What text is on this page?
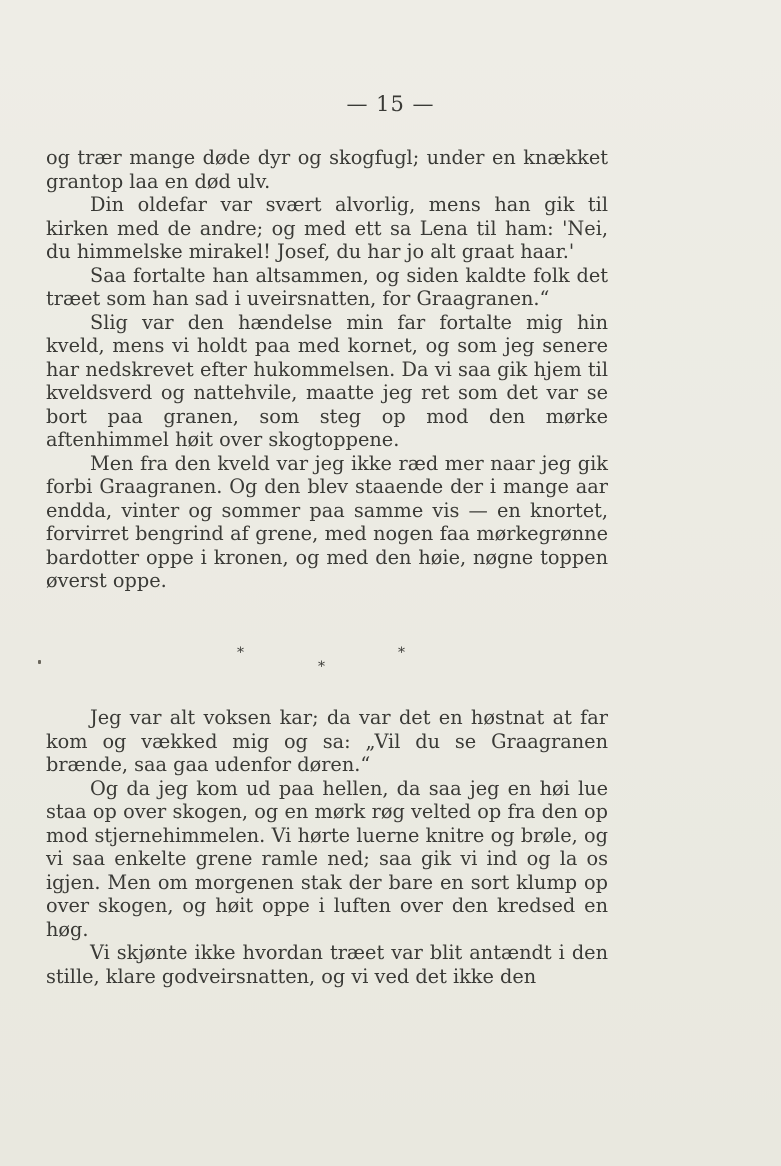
— 15 —

og trær mange døde dyr og skogfugl; under en knækket grantop laa en død ulv.

Din oldefar var svært alvorlig, mens han gik til kirken med de andre; og med ett sa Lena til ham: 'Nei, du himmelske mirakel! Josef, du har jo alt graat haar.'

Saa fortalte han altsammen, og siden kaldte folk det træet som han sad i uveirsnatten, for Graagranen.“

Slig var den hændelse min far fortalte mig hin kveld, mens vi holdt paa med kornet, og som jeg senere har nedskrevet efter hukommelsen. Da vi saa gik hjem til kveldsverd og nattehvile, maatte jeg ret som det var se bort paa granen, som steg op mod den mørke aftenhimmel høit over skogtoppene.

Men fra den kveld var jeg ikke ræd mer naar jeg gik forbi Graagranen. Og den blev staaende der i mange aar endda, vinter og sommer paa samme vis — en knortet, forvirret bengrind af grene, med nogen faa mørkegrønne bardotter oppe i kronen, og med den høie, nøgne toppen øverst oppe.

*	*
*

Jeg var alt voksen kar; da var det en høstnat at far kom og vækked mig og sa: „Vil du se Graagranen brænde, saa gaa udenfor døren.“

Og da jeg kom ud paa hellen, da saa jeg en høi lue staa op over skogen, og en mørk røg velted op fra den op mod stjernehimmelen. Vi hørte luerne knitre og brøle, og vi saa enkelte grene ramle ned; saa gik vi ind og la os igjen. Men om morgenen stak der bare en sort klump op over skogen, og høit oppe i luften over den kredsed en høg.

Vi skjønte ikke hvordan træet var blit antændt i den stille, klare godveirsnatten, og vi ved det ikke den
